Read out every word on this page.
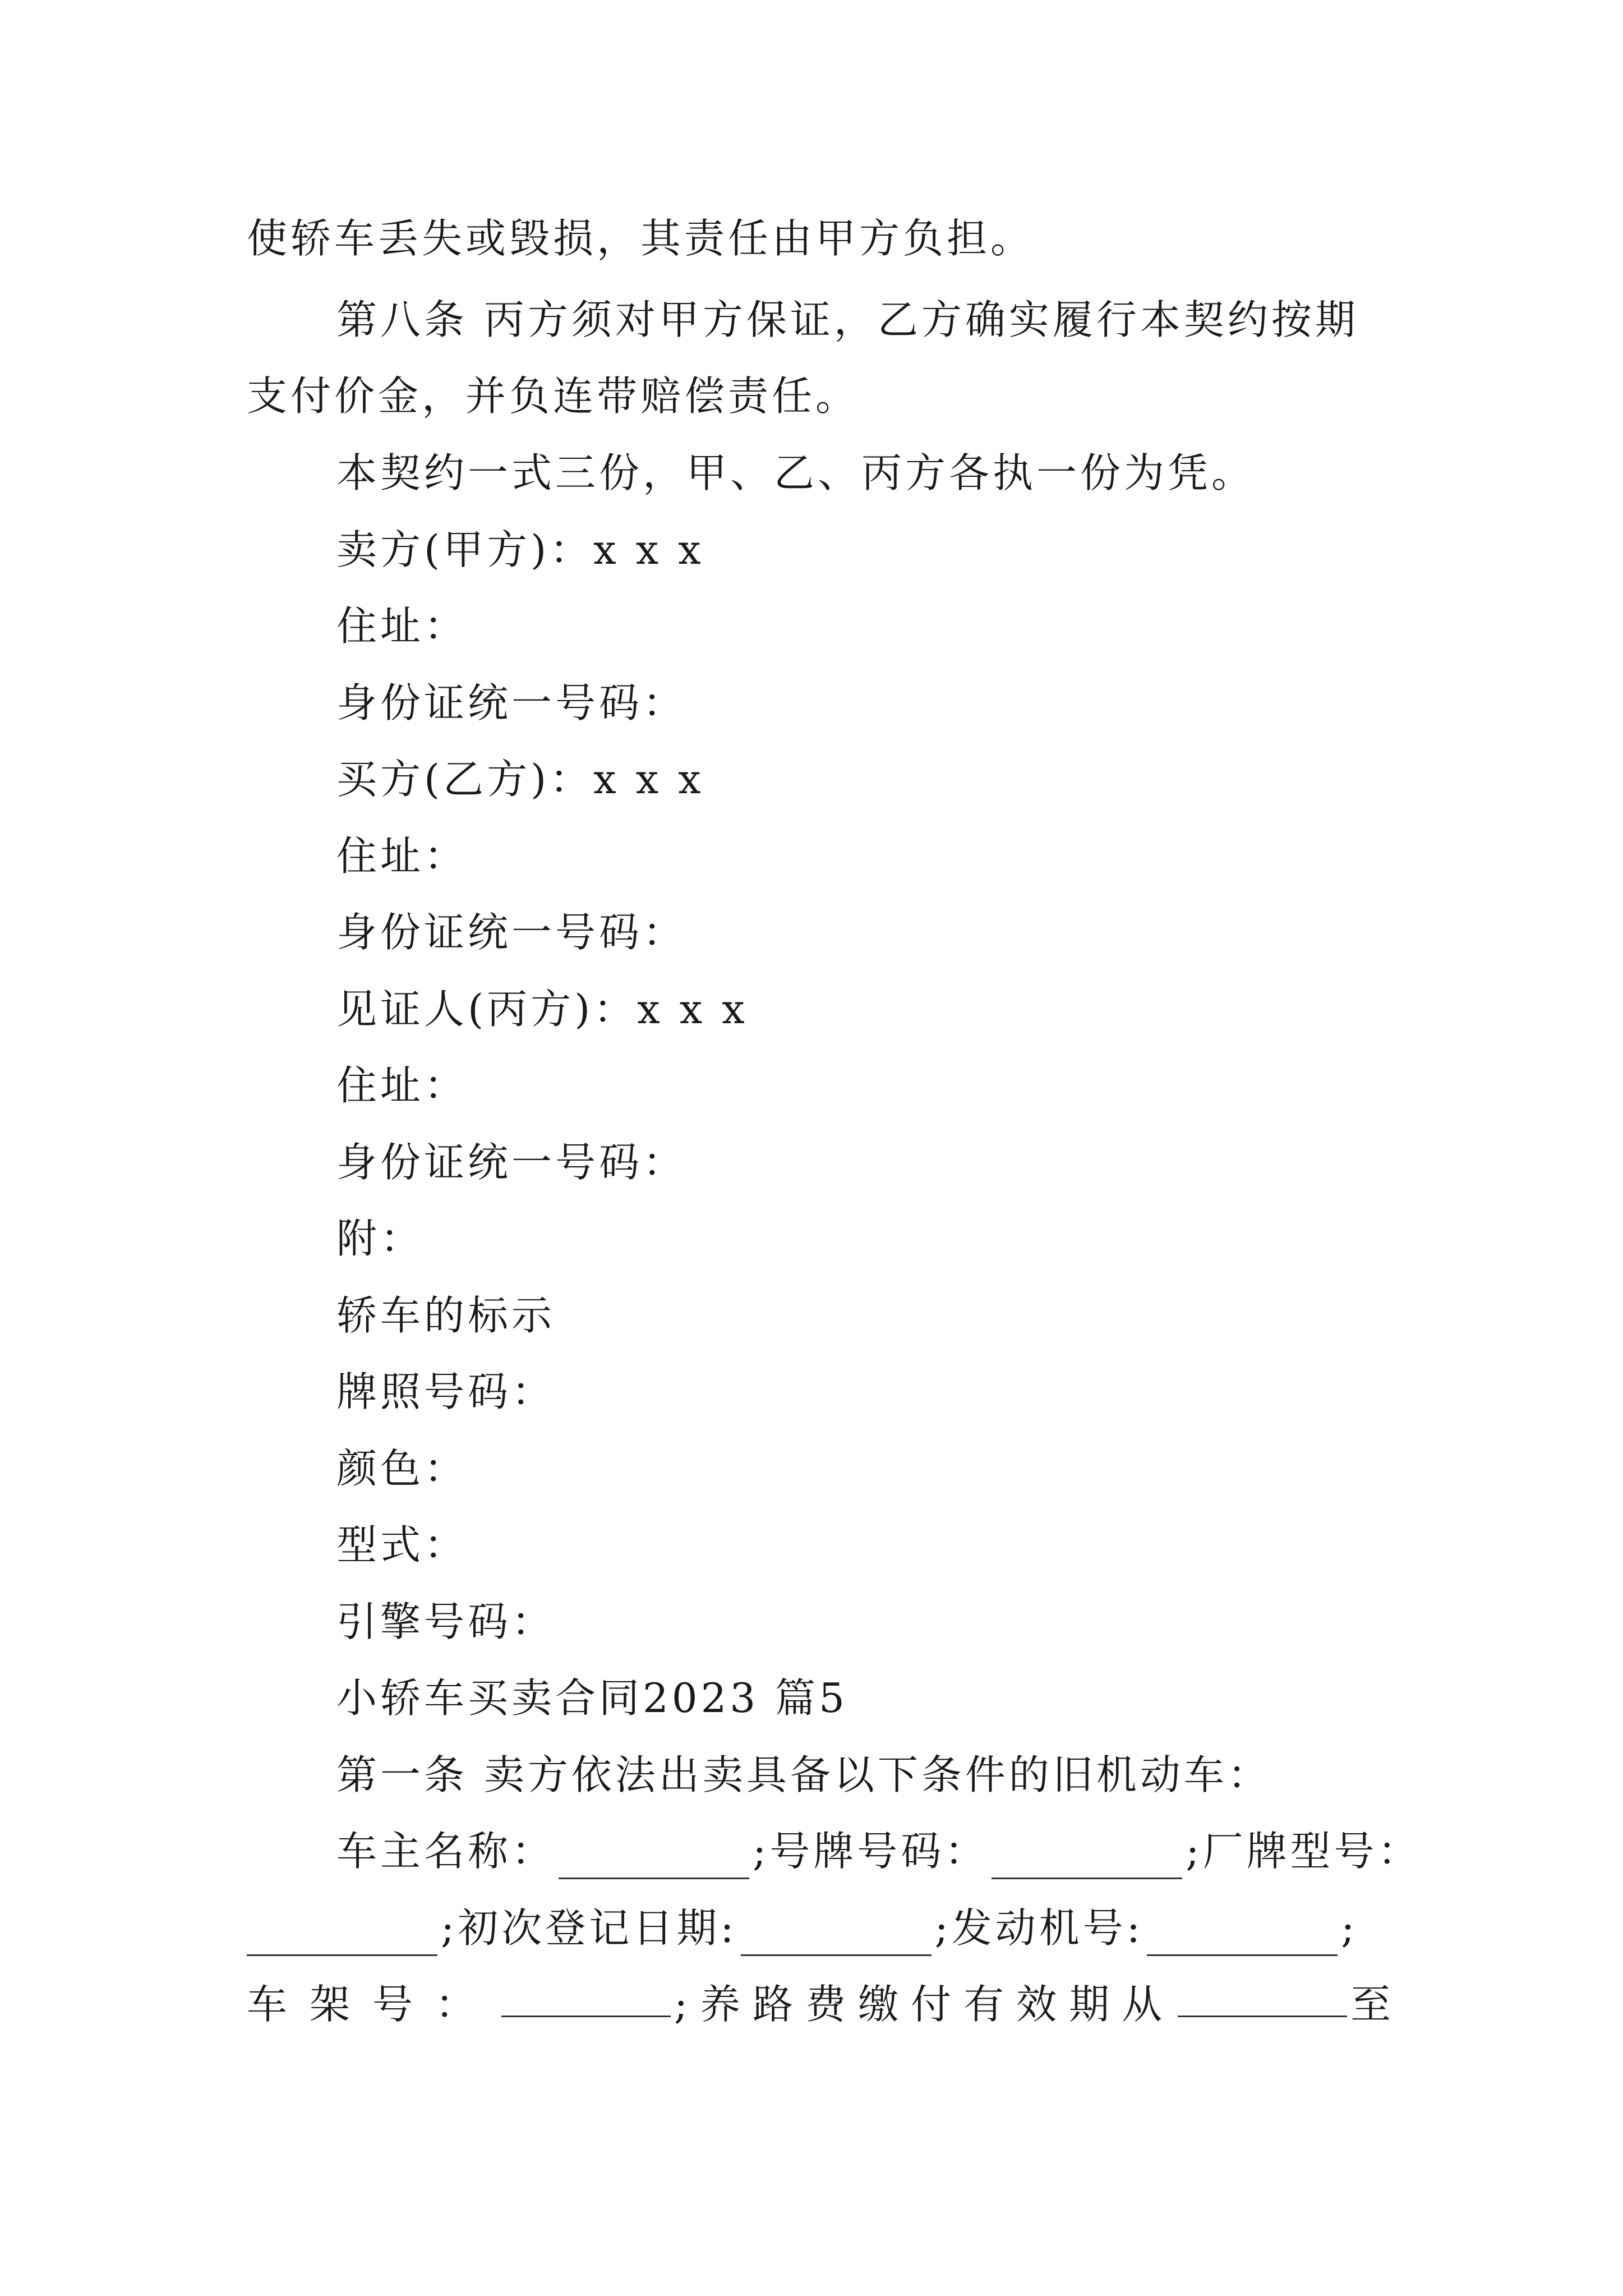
使轿车丢失或毁损，其责任由甲方负担。
第八条 丙方须对甲方保证，乙方确实履行本契约按期
支付价金，并负连带赔偿责任。
本契约一式三份，甲、乙、丙方各执一份为凭。
卖方(甲方)：x x x
住址：
身份证统一号码：
买方(乙方)：x x x
住址：
身份证统一号码：
见证人(丙方)：x x x
住址：
身份证统一号码：
附：
轿车的标示
牌照号码：
颜色：
型式：
引擎号码：
小轿车买卖合同2023 篇5
第一条 卖方依法出卖具备以下条件的旧机动车：
车主名称：	;号牌号码：	;厂牌型号：
;初次登记日期:	;发动机号:	;
车架号：	;养路费缴付有效期从	至
